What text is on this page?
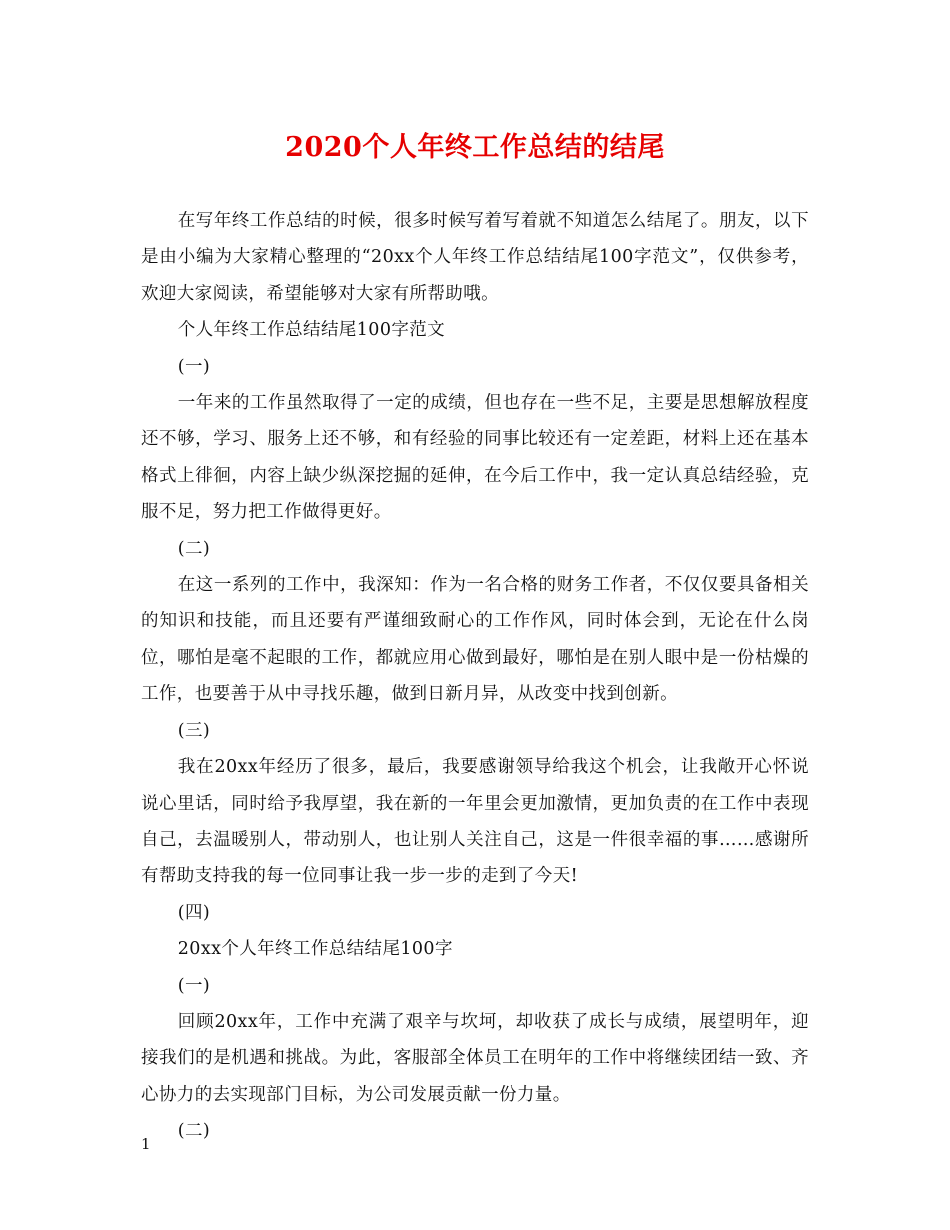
2020个人年终工作总结的结尾

在写年终工作总结的时候，很多时候写着写着就不知道怎么结尾了。朋友，以下是由小编为大家精心整理的“20xx个人年终工作总结结尾100字范文”，仅供参考，欢迎大家阅读，希望能够对大家有所帮助哦。

个人年终工作总结结尾100字范文

(一)

一年来的工作虽然取得了一定的成绩，但也存在一些不足，主要是思想解放程度还不够，学习、服务上还不够，和有经验的同事比较还有一定差距，材料上还在基本格式上徘徊，内容上缺少纵深挖掘的延伸，在今后工作中，我一定认真总结经验，克服不足，努力把工作做得更好。

(二)

在这一系列的工作中，我深知：作为一名合格的财务工作者，不仅仅要具备相关的知识和技能，而且还要有严谨细致耐心的工作作风，同时体会到，无论在什么岗位，哪怕是毫不起眼的工作，都就应用心做到最好，哪怕是在别人眼中是一份枯燥的工作，也要善于从中寻找乐趣，做到日新月异，从改变中找到创新。

(三)

我在20xx年经历了很多，最后，我要感谢领导给我这个机会，让我敞开心怀说说心里话，同时给予我厚望，我在新的一年里会更加激情，更加负责的在工作中表现自己，去温暖别人，带动别人，也让别人关注自己，这是一件很幸福的事……感谢所有帮助支持我的每一位同事让我一步一步的走到了今天!

(四)

20xx个人年终工作总结结尾100字

(一)

回顾20xx年，工作中充满了艰辛与坎坷，却收获了成长与成绩，展望明年，迎接我们的是机遇和挑战。为此，客服部全体员工在明年的工作中将继续团结一致、齐心协力的去实现部门目标，为公司发展贡献一份力量。

(二)

1
